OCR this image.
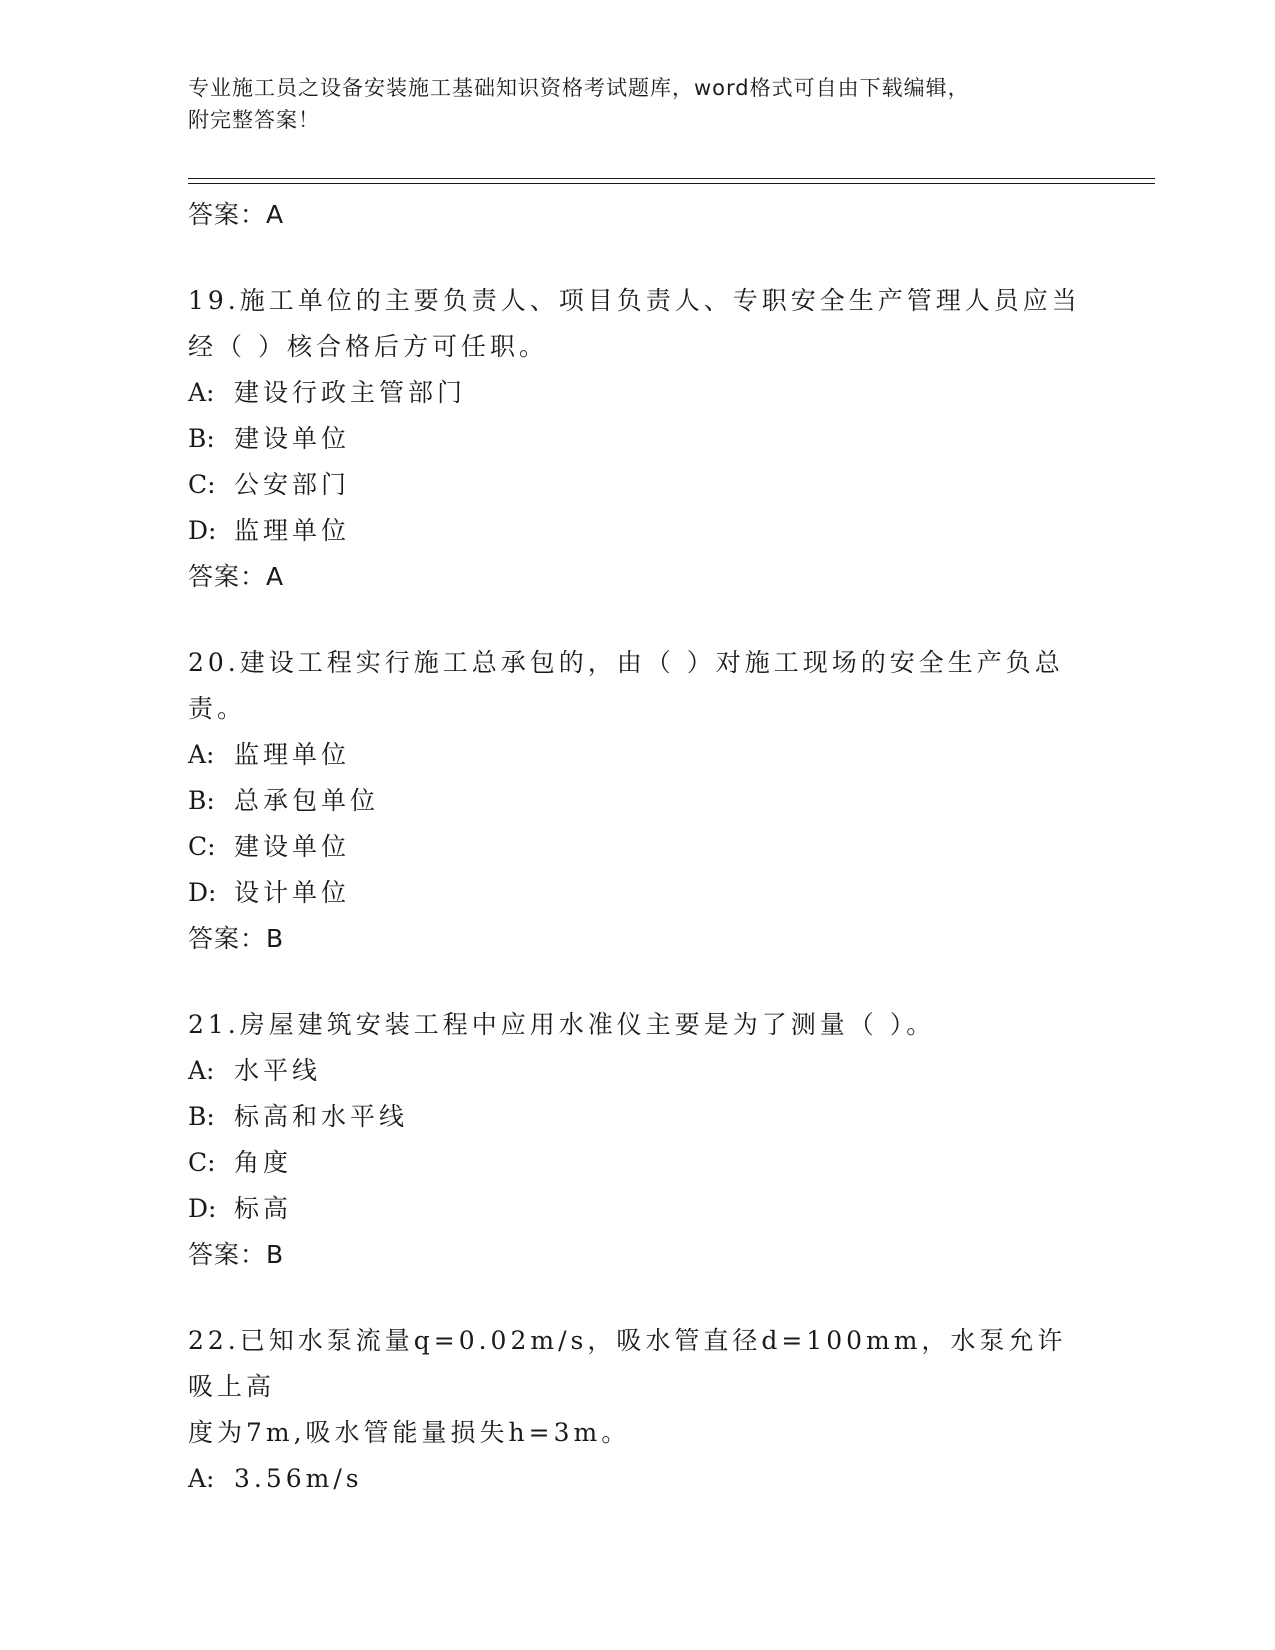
专业施工员之设备安装施工基础知识资格考试题库，word格式可自由下载编辑，
附完整答案！
答案：A
19.施工单位的主要负责人、项目负责人、专职安全生产管理人员应当
经（ ）核合格后方可任职。
A: 建设行政主管部门
B: 建设单位
C: 公安部门
D: 监理单位
答案：A
20.建设工程实行施工总承包的，由（ ）对施工现场的安全生产负总
责。
A: 监理单位
B: 总承包单位
C: 建设单位
D: 设计单位
答案：B
21.房屋建筑安装工程中应用水准仪主要是为了测量（ ）。
A: 水平线
B: 标高和水平线
C: 角度
D: 标高
答案：B
22.已知水泵流量q=0.02m/s，吸水管直径d=100mm，水泵允许吸上高
度为7m,吸水管能量损失h=3m。
A: 3.56m/s
